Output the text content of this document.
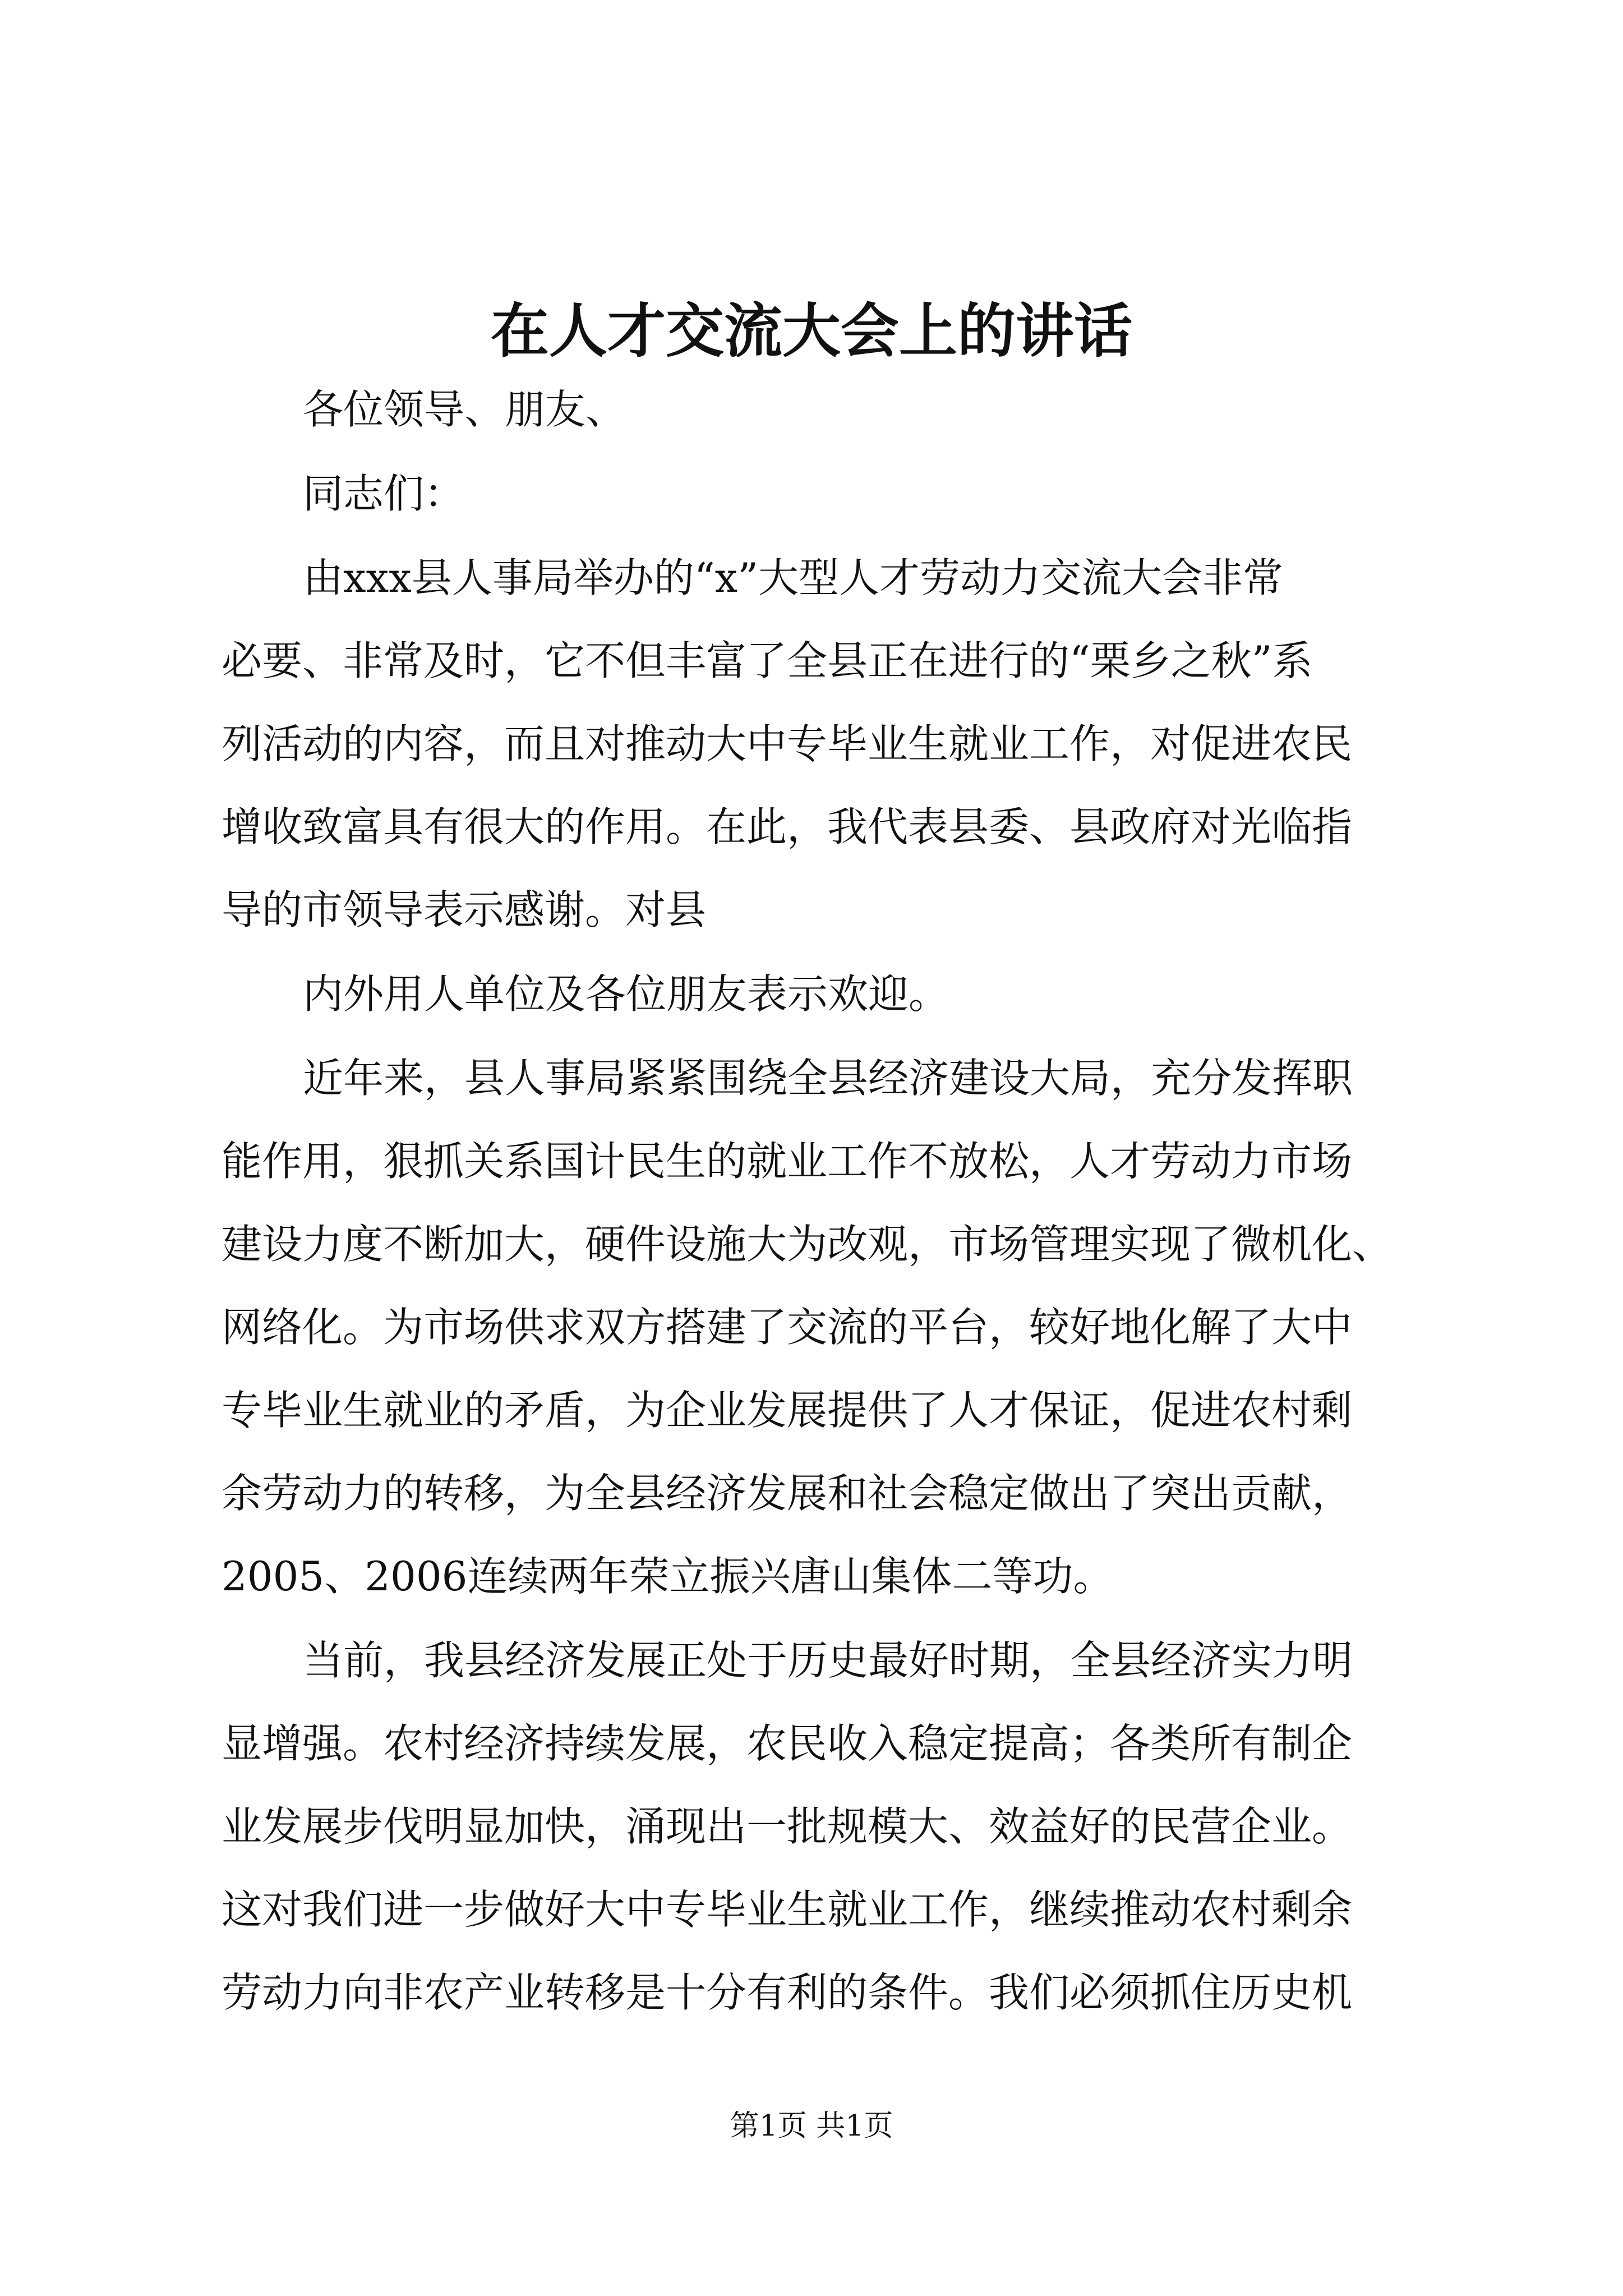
在人才交流大会上的讲话

各位领导、朋友、

同志们：

由xxx县人事局举办的“x”大型人才劳动力交流大会非常

必要、非常及时，它不但丰富了全县正在进行的“栗乡之秋”系

列活动的内容，而且对推动大中专毕业生就业工作，对促进农民

增收致富具有很大的作用。在此，我代表县委、县政府对光临指

导的市领导表示感谢。对县

内外用人单位及各位朋友表示欢迎。

近年来，县人事局紧紧围绕全县经济建设大局，充分发挥职

能作用，狠抓关系国计民生的就业工作不放松，人才劳动力市场

建设力度不断加大，硬件设施大为改观，市场管理实现了微机化、

网络化。为市场供求双方搭建了交流的平台，较好地化解了大中

专毕业生就业的矛盾，为企业发展提供了人才保证，促进农村剩

余劳动力的转移，为全县经济发展和社会稳定做出了突出贡献，

2005、2006连续两年荣立振兴唐山集体二等功。

当前，我县经济发展正处于历史最好时期，全县经济实力明

显增强。农村经济持续发展，农民收入稳定提高；各类所有制企

业发展步伐明显加快，涌现出一批规模大、效益好的民营企业。

这对我们进一步做好大中专毕业生就业工作，继续推动农村剩余

劳动力向非农产业转移是十分有利的条件。我们必须抓住历史机

第1页 共1页
